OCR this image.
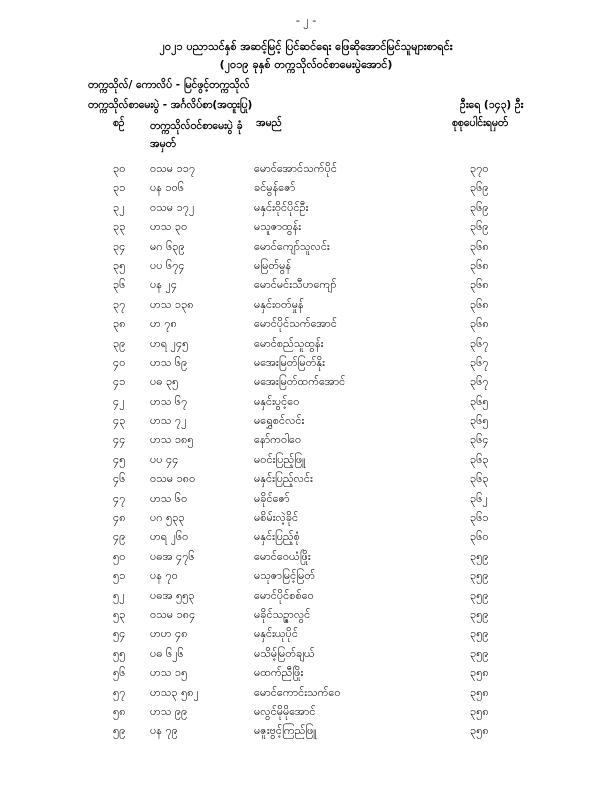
- ၂ -
၂၀၂၁ ပညာသင်နှစ် အဆင့်မြင့် ပြင်ဆင်ရေး ဖြေဆိုအောင်မြင်သူများစာရင်း
(၂၀၁၉ ခုနှစ် တက္ကသိုလ်ဝင်စာမေးပွဲအောင်)
တက္ကသိုလ်/ ကောလိပ် - မြင်ဖွင့်တက္ကသိုလ်
တက္ကသိုလ်စာမေးပွဲ - အင်္ဂလိပ်စာ(အထူးပြု)	ဦးရေ (၁၄၃) ဦး
စဉ် တက္ကသိုလ်ဝင်စာမေးပွဲ ခုံအမှတ်
အမည်	စုစုပေါင်းရမှတ်
၃၀	ဝသမ ၁၁၇	မောင်အောင်သက်ပိုင်	၃၇၀
၃၁	ပန ၁၀၆	ခင်မွန်ဇော်	၃၆၉
၃၂	ဝသမ ၁၇၂	မနှင်းဝိုင်ပိုင်ဦး	၃၆၉
၃၃	ဟသ ၃၀	မသူဇာထွန်း	၃၆၉
၃၄	မဂ ၆၃၉	မောင်ကျော်သူလင်း	၃၆၈
၃၅	ပပ ၆၇၄	မမြတ်မွန်	၃၆၈
၃၆	ပန ၂၄	မောင်မင်းသီဟကျော်	၃၆၈
၃၇	ဟသ ၁၃၈	မနှင်းဝတ်မှုန်	၃၆၈
၃၈	ဟ ၇၈	မောင်ပိုင်သက်အောင်	၃၆၈
၃၉	ဟရ ၂၄၅	မောင်စည်သူထွန်း	၃၆၇
၄၀	ဟသ ၆၉	မအေးမြတ်မြတ်နိုး	၃၆၇
၄၁	ပဓ ၃၅	မအေးမြတ်ထက်အောင်	၃၆၇
၄၂	ဟသ ၆၇	မနှင်းပွင့်ဝေ	၃၆၅
၄၃	ဟသ ၇၂	မရွှေစင်လင်း	၃၆၅
၄၄	ဟသ ၁၈၅	နော်ကဝါဝေ	၃၆၄
၄၅	ပပ ၄၄	မဝင်းပြည့်ဖြူ	၃၆၃
၄၆	ဝသမ ၁၈၀	မနှင်းပြည့်လင်း	၃၆၃
၄၇	ဟသ ၆၀	မခိုင်ဇော်	၃၆၂
၄၈	ပဂ ၅၃၃	မစိမ်းလဲ့ခိုင်	၃၆၁
၄၉	ဟရ ၂၆၀	မနှင်းပြည့်စုံ	၃၆၀
၅၀	ပဓအ ၄၇၆	မောင်ဝေယံဖြိုး	၃၅၉
၅၁	ပန ၇၀	မသုဇာမြင့်မြတ်	၃၅၉
၅၂	ပဓအ ၅၅၃	မောင်ပိုင်စစ်ဝေ	၃၅၉
၅၃	ဝသမ ၁၈၄	မခိုင်သဉ္ဇာလွင်	၃၅၉
၅၄	ဟဟ ၄၈	မနှင်းယုပိုင်	၃၅၉
၅၅	ပဓ ၆၂၆	မသိမ့်မြတ်ချယ်	၃၅၉
၅၆	ဟသ ၁၅	မထက်ညီဖြိုး	၃၅၈
၅၇	ဟသ၃ ၅၈၂	မောင်ကောင်းသက်ဝေ	၃၅၈
၅၈	ဟသ ၉၉	မလွင်မိုမိုအောင်	၃၅၈
၅၉	ပန ၇၉	မဇူးဗွင့်ကြည်ဖြူ	၃၅၈
